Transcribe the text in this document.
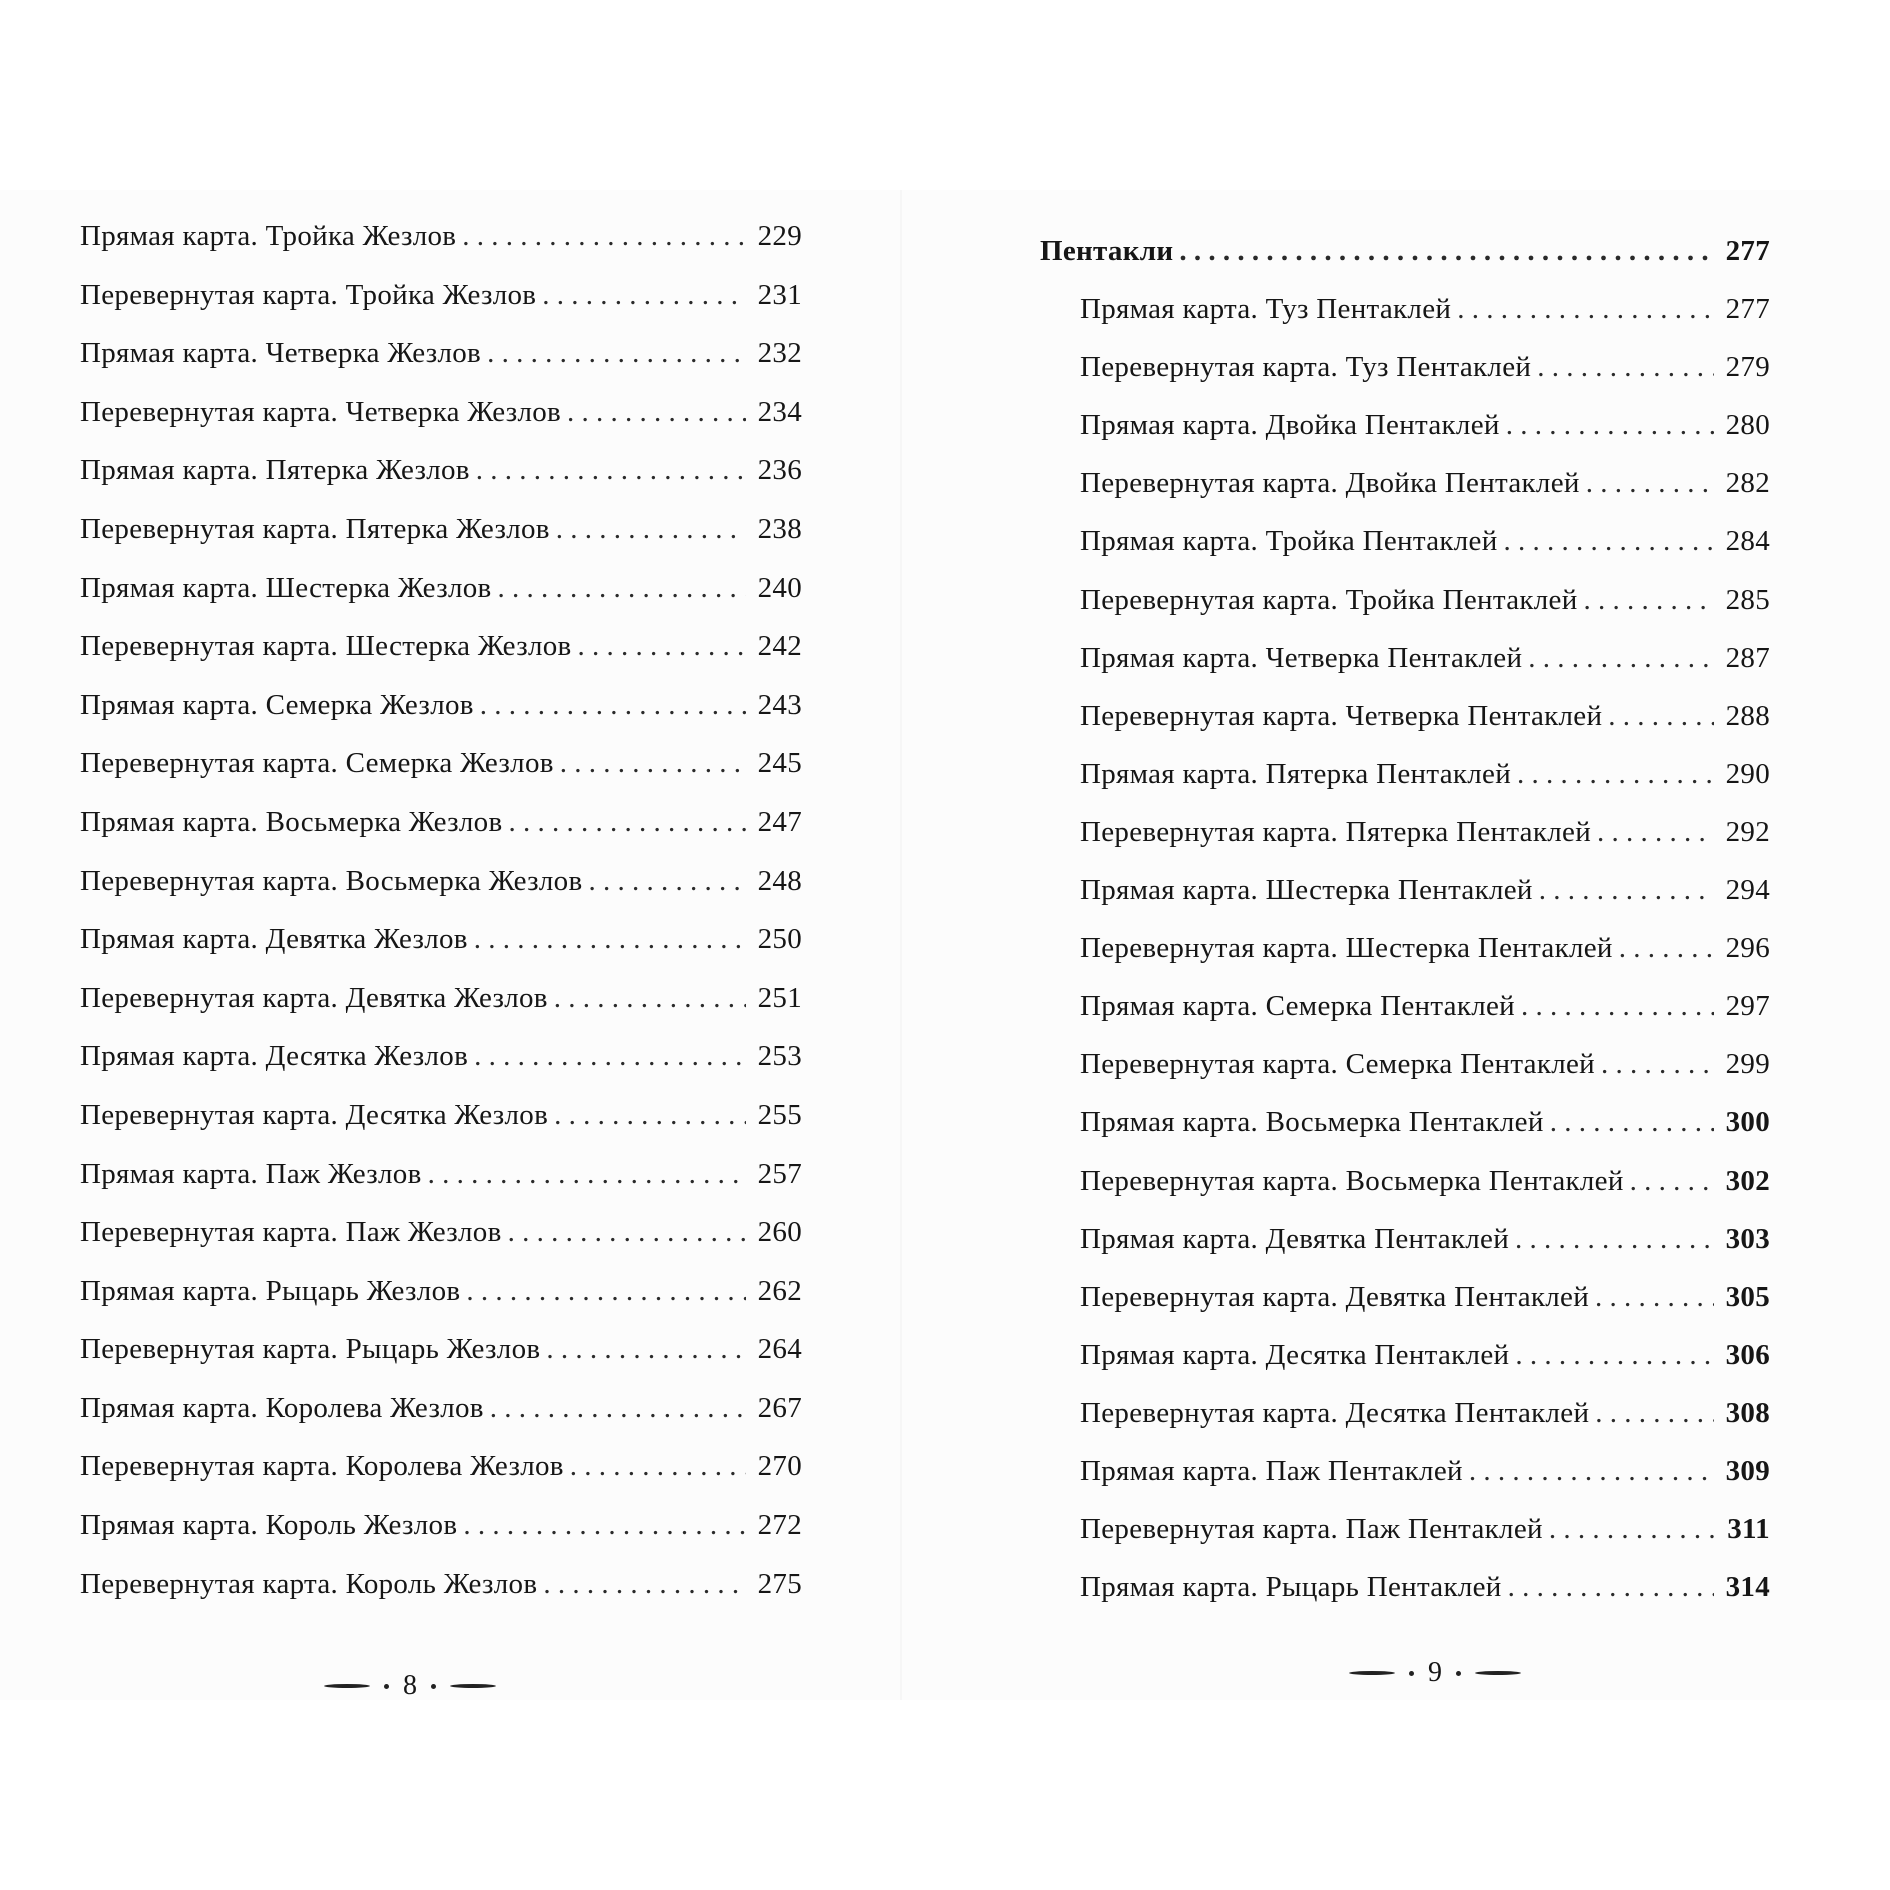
Прямая карта. Тройка Жезлов . . .	229
Перевернутая карта. Тройка Жезлов . . .	231
Прямая карта. Четверка Жезлов . . .	232
Перевернутая карта. Четверка Жезлов . . .	234
Прямая карта. Пятерка Жезлов . . .	236
Перевернутая карта. Пятерка Жезлов . . .	238
Прямая карта. Шестерка Жезлов . . .	240
Перевернутая карта. Шестерка Жезлов . . .	242
Прямая карта. Семерка Жезлов . . .	243
Перевернутая карта. Семерка Жезлов . . .	245
Прямая карта. Восьмерка Жезлов . . .	247
Перевернутая карта. Восьмерка Жезлов . . .	248
Прямая карта. Девятка Жезлов . . .	250
Перевернутая карта. Девятка Жезлов . . .	251
Прямая карта. Десятка Жезлов . . .	253
Перевернутая карта. Десятка Жезлов . . .	255
Прямая карта. Паж Жезлов . . .	257
Перевернутая карта. Паж Жезлов . . .	260
Прямая карта. Рыцарь Жезлов . . .	262
Перевернутая карта. Рыцарь Жезлов . . .	264
Прямая карта. Королева Жезлов . . .	267
Перевернутая карта. Королева Жезлов . . .	270
Прямая карта. Король Жезлов . . .	272
Перевернутая карта. Король Жезлов . . .	275
8
Пентакли . . .	277
Прямая карта. Туз Пентаклей . . .	277
Перевернутая карта. Туз Пентаклей . . .	279
Прямая карта. Двойка Пентаклей . . .	280
Перевернутая карта. Двойка Пентаклей . . .	282
Прямая карта. Тройка Пентаклей . . .	284
Перевернутая карта. Тройка Пентаклей . . .	285
Прямая карта. Четверка Пентаклей . . .	287
Перевернутая карта. Четверка Пентаклей . . .	288
Прямая карта. Пятерка Пентаклей . . .	290
Перевернутая карта. Пятерка Пентаклей . . .	292
Прямая карта. Шестерка Пентаклей . . .	294
Перевернутая карта. Шестерка Пентаклей . . .	296
Прямая карта. Семерка Пентаклей . . .	297
Перевернутая карта. Семерка Пентаклей . . .	299
Прямая карта. Восьмерка Пентаклей . . .	300
Перевернутая карта. Восьмерка Пентаклей . . .	302
Прямая карта. Девятка Пентаклей . . .	303
Перевернутая карта. Девятка Пентаклей . . .	305
Прямая карта. Десятка Пентаклей . . .	306
Перевернутая карта. Десятка Пентаклей . . .	308
Прямая карта. Паж Пентаклей . . .	309
Перевернутая карта. Паж Пентаклей . . .	311
Прямая карта. Рыцарь Пентаклей . . .	314
9
